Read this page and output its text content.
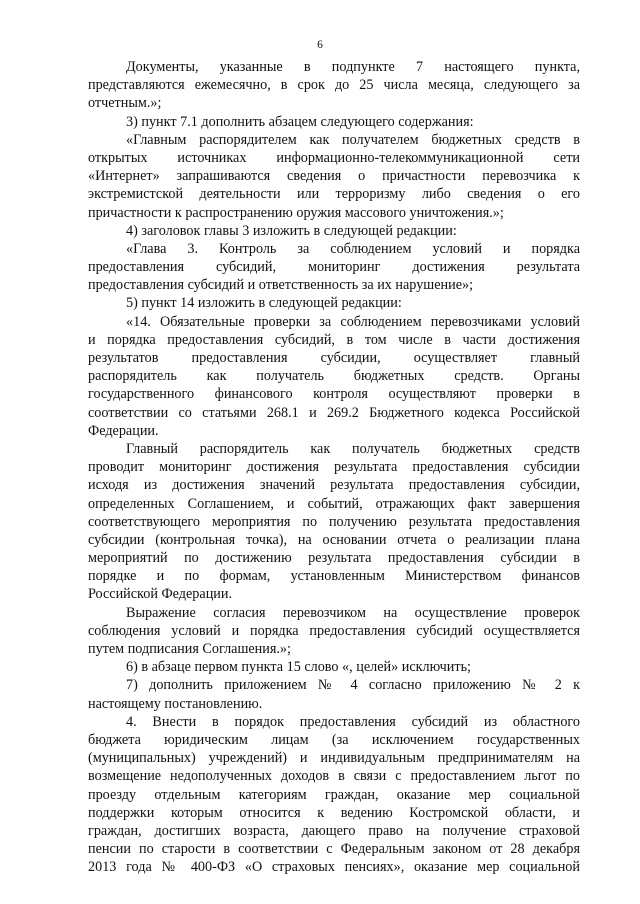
6
Документы, указанные в подпункте 7 настоящего пункта,
представляются ежемесячно, в срок до 25 числа месяца, следующего за
отчетным.»;
3) пункт 7.1 дополнить абзацем следующего содержания:
«Главным распорядителем как получателем бюджетных средств в
открытых источниках информационно-телекоммуникационной сети
«Интернет» запрашиваются сведения о причастности перевозчика к
экстремистской деятельности или терроризму либо сведения о его
причастности к распространению оружия массового уничтожения.»;
4) заголовок главы 3 изложить в следующей редакции:
«Глава 3. Контроль за соблюдением условий и порядка
предоставления субсидий, мониторинг достижения результата
предоставления субсидий и ответственность за их нарушение»;
5) пункт 14 изложить в следующей редакции:
«14. Обязательные проверки за соблюдением перевозчиками условий
и порядка предоставления субсидий, в том числе в части достижения
результатов предоставления субсидии, осуществляет главный
распорядитель как получатель бюджетных средств. Органы
государственного финансового контроля осуществляют проверки в
соответствии со статьями 268.1 и 269.2 Бюджетного кодекса Российской
Федерации.
Главный распорядитель как получатель бюджетных средств
проводит мониторинг достижения результата предоставления субсидии
исходя из достижения значений результата предоставления субсидии,
определенных Соглашением, и событий, отражающих факт завершения
соответствующего мероприятия по получению результата предоставления
субсидии (контрольная точка), на основании отчета о реализации плана
мероприятий по достижению результата предоставления субсидии в
порядке и по формам, установленным Министерством финансов
Российской Федерации.
Выражение согласия перевозчиком на осуществление проверок
соблюдения условий и порядка предоставления субсидий осуществляется
путем подписания Соглашения.»;
6) в абзаце первом пункта 15 слово «, целей» исключить;
7) дополнить приложением № 4 согласно приложению № 2 к
настоящему постановлению.
4. Внести в порядок предоставления субсидий из областного
бюджета юридическим лицам (за исключением государственных
(муниципальных) учреждений) и индивидуальным предпринимателям на
возмещение недополученных доходов в связи с предоставлением льгот по
проезду отдельным категориям граждан, оказание мер социальной
поддержки которым относится к ведению Костромской области, и
граждан, достигших возраста, дающего право на получение страховой
пенсии по старости в соответствии с Федеральным законом от 28 декабря
2013 года № 400-ФЗ «О страховых пенсиях», оказание мер социальной
